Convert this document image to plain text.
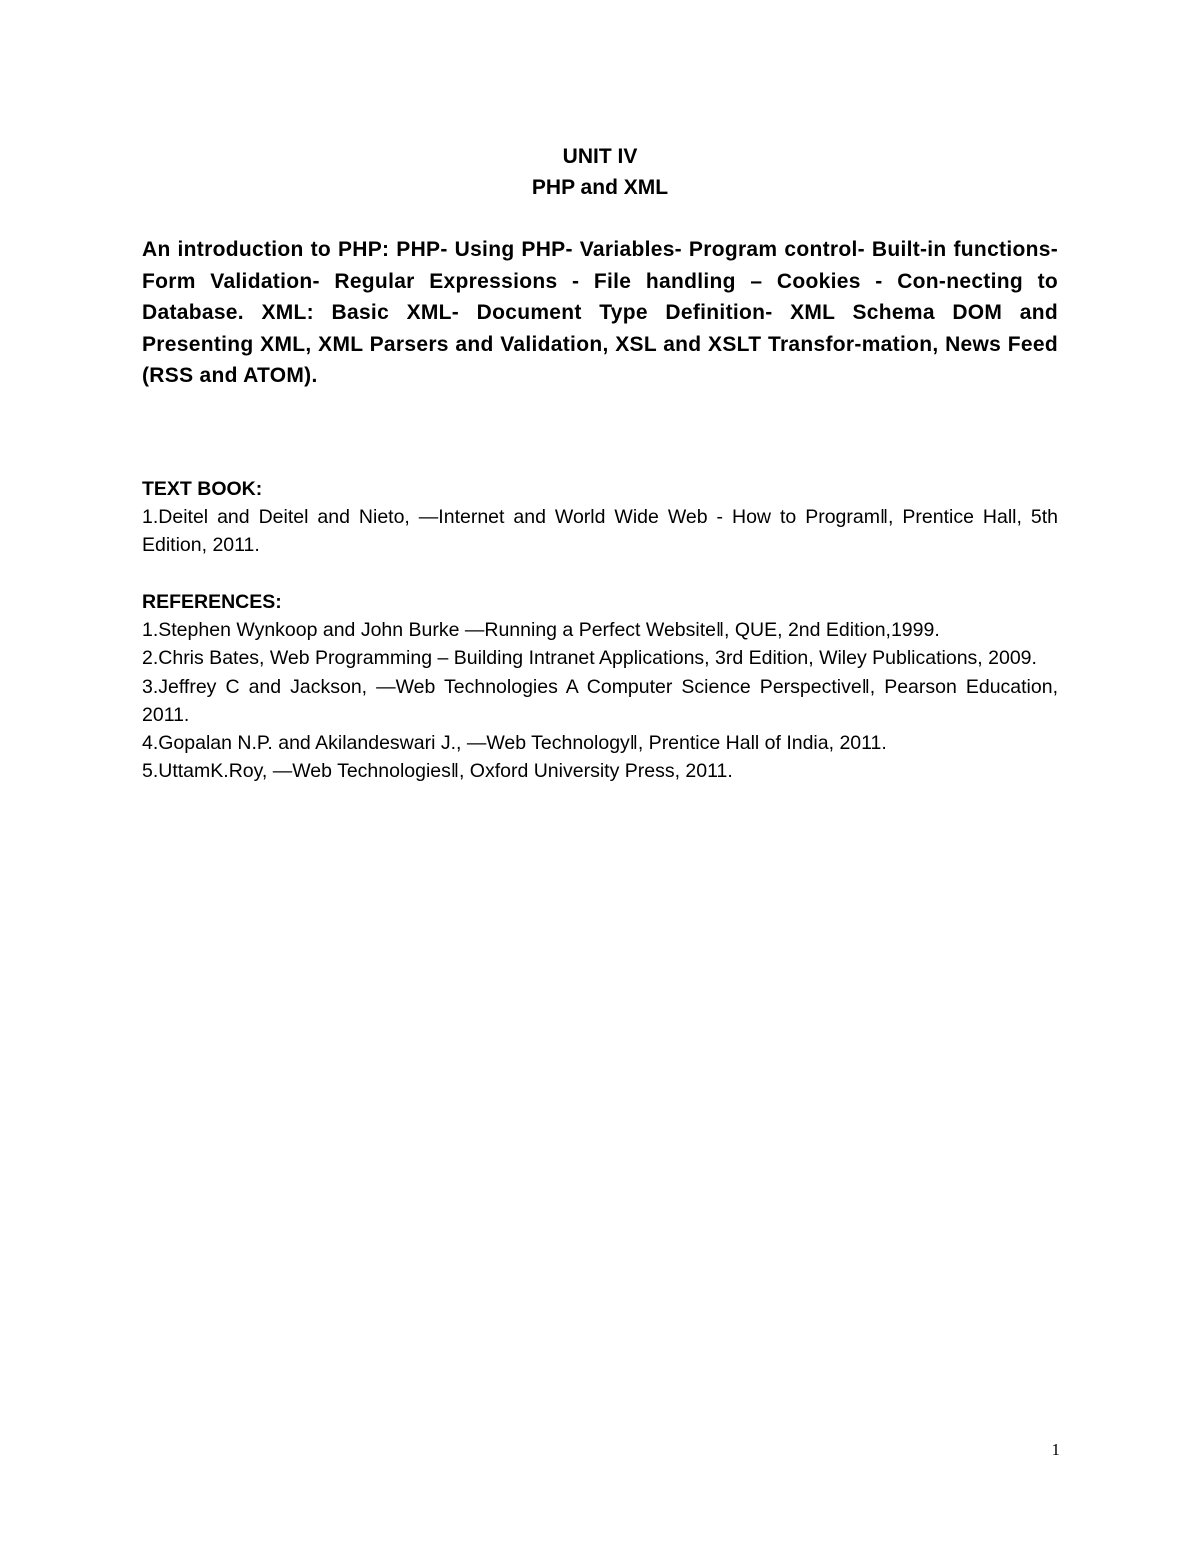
UNIT IV
PHP and XML
An introduction to PHP: PHP- Using PHP- Variables- Program control- Built-in functions- Form Validation- Regular Expressions - File handling – Cookies - Con-necting to Database. XML: Basic XML- Document Type Definition- XML Schema DOM and Presenting XML, XML Parsers and Validation, XSL and XSLT Transfor-mation, News Feed (RSS and ATOM).
TEXT BOOK:
1.Deitel and Deitel and Nieto, ―Internet and World Wide Web - How to Program‖, Prentice Hall, 5th Edition, 2011.
REFERENCES:
1.Stephen Wynkoop and John Burke ―Running a Perfect Website‖, QUE, 2nd Edition,1999.
2.Chris Bates, Web Programming – Building Intranet Applications, 3rd Edition, Wiley Publications, 2009.
3.Jeffrey C and Jackson, ―Web Technologies A Computer Science Perspective‖, Pearson Education, 2011.
4.Gopalan N.P. and Akilandeswari J., ―Web Technology‖, Prentice Hall of India, 2011.
5.UttamK.Roy, ―Web Technologies‖, Oxford University Press, 2011.
1
